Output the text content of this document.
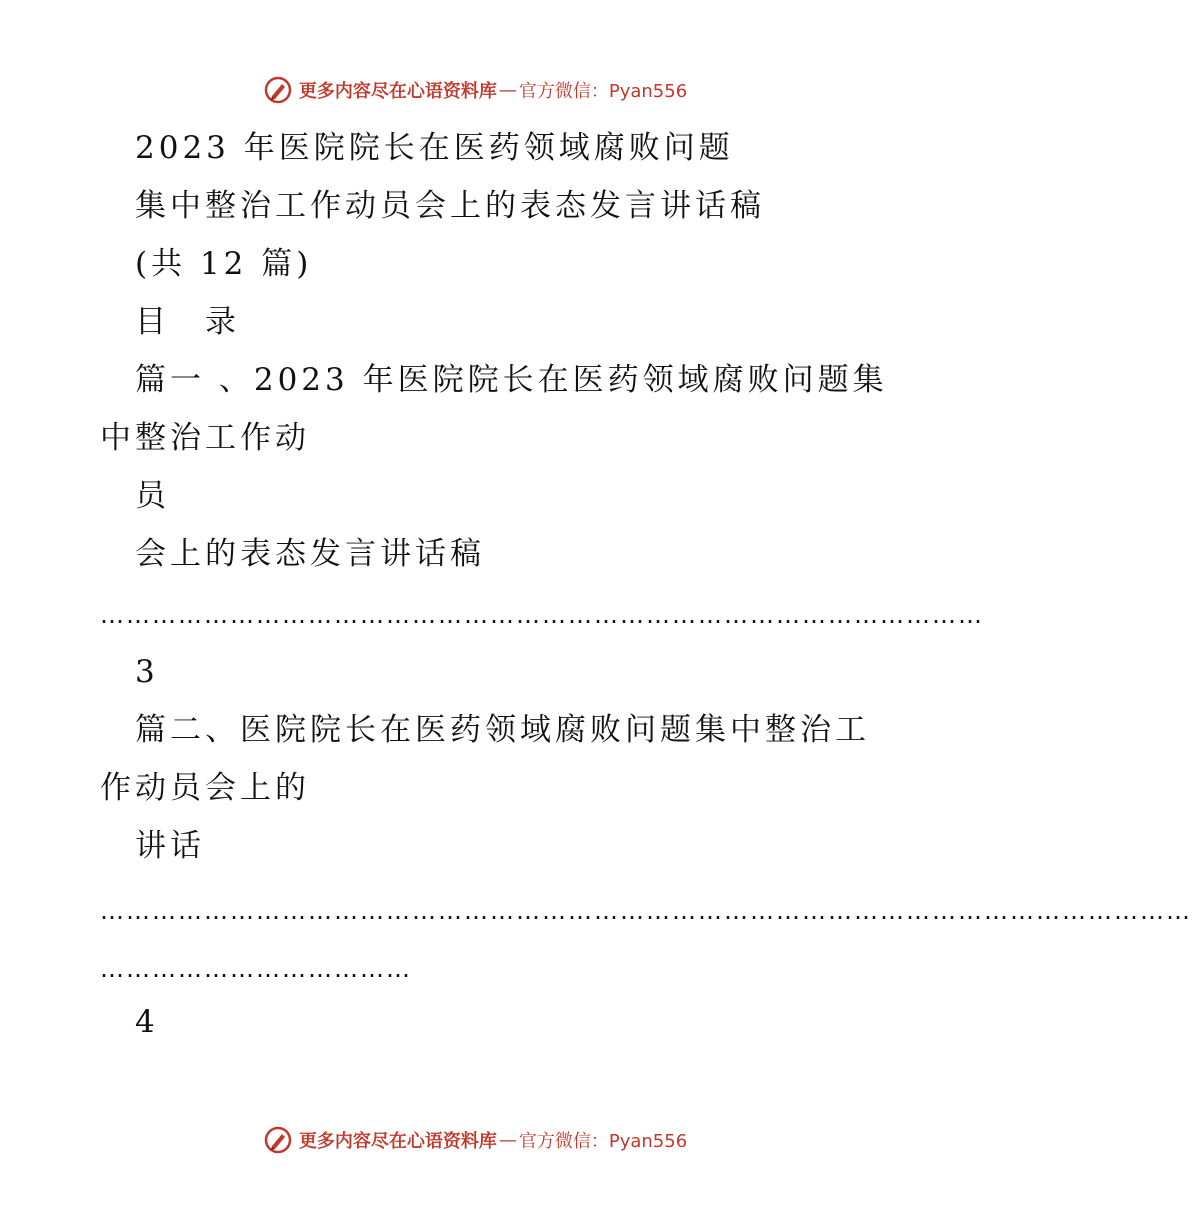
更多内容尽在心语资料库 — 官方微信：Pyan556
2023 年医院院长在医药领域腐败问题
集中整治工作动员会上的表态发言讲话稿
(共 12 篇)
目　录
篇一 、2023 年医院院长在医药领域腐败问题集
中整治工作动
员
会上的表态发言讲话稿
…………………………………………………………………………………………
3
篇二、医院院长在医药领域腐败问题集中整治工
作动员会上的
讲话
………………………………………………………………………………………………………………
………………………………
4
更多内容尽在心语资料库 — 官方微信：Pyan556
